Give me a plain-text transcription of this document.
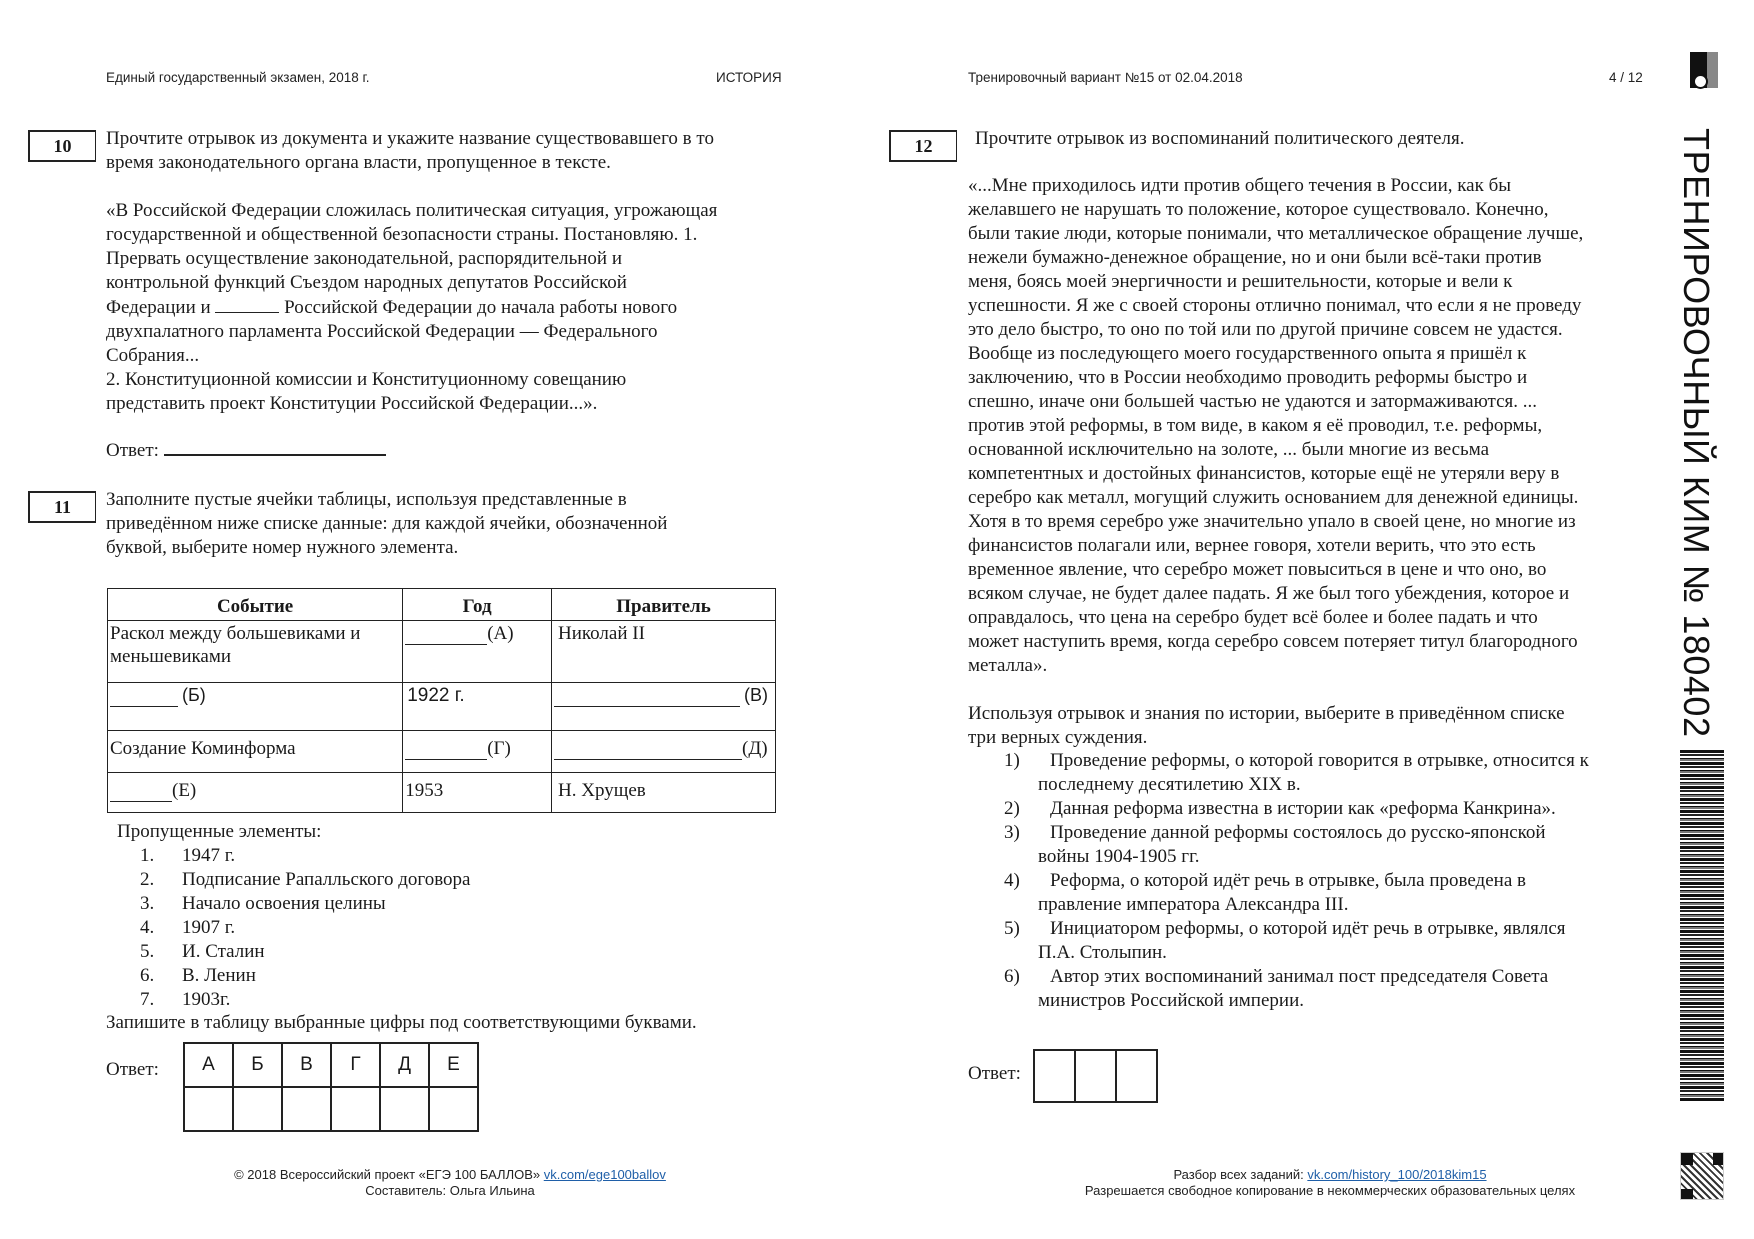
Единый государственный экзамен, 2018 г.	ИСТОРИЯ	Тренировочный вариант №15 от 02.04.2018	4 / 12
ТРЕНИРОВОЧНЫЙ КИМ № 180402
10	Прочтите отрывок из документа и укажите название существовавшего в то
время законодательного органа власти, пропущенное в тексте.
«В Российской Федерации сложилась политическая ситуация, угрожающая
государственной и общественной безопасности страны. Постановляю. 1.
Прервать осуществление законодательной, распорядительной и
контрольной функций Съездом народных депутатов Российской
Федерации и	Российской Федерации до начала работы нового
двухпалатного парламента Российской Федерации — Федерального
Собрания...
2. Конституционной комиссии и Конституционному совещанию
представить проект Конституции Российской Федерации...».
Ответ:
11	Заполните пустые ячейки таблицы, используя представленные в
приведённом ниже списке данные: для каждой ячейки, обозначенной
буквой, выберите номер нужного элемента.
Событие	Год	Правитель
Раскол между большевиками и меньшевиками	(А)	Николай II

(Б)	1922 г.	(В)

Создание Коминформа	(Г)	(Д)

(Е)	1953	Н. Хрущев
Пропущенные элементы:
1. 1947 г.
2. Подписание Рапалльского договора
3. Начало освоения целины
4. 1907 г.
5. И. Сталин
6. В. Ленин
7. 1903г.
Запишите в таблицу выбранные цифры под соответствующими буквами.
Ответ: А	Б	В	Г	Д	Е

12	Прочтите отрывок из воспоминаний политического деятеля.
«...Мне приходилось идти против общего течения в России, как бы
желавшего не нарушать то положение, которое существовало. Конечно,
были такие люди, которые понимали, что металлическое обращение лучше,
нежели бумажно-денежное обращение, но и они были всё-таки против
меня, боясь моей энергичности и решительности, которые и вели к
успешности. Я же с своей стороны отлично понимал, что если я не проведу
это дело быстро, то оно по той или по другой причине совсем не удастся.
Вообще из последующего моего государственного опыта я пришёл к
заключению, что в России необходимо проводить реформы быстро и
спешно, иначе они большей частью не удаются и затормаживаются. ...
против этой реформы, в том виде, в каком я её проводил, т.е. реформы,
основанной исключительно на золоте, ... были многие из весьма
компетентных и достойных финансистов, которые ещё не утеряли веру в
серебро как металл, могущий служить основанием для денежной единицы.
Хотя в то время серебро уже значительно упало в своей цене, но многие из
финансистов полагали или, вернее говоря, хотели верить, что это есть
временное явление, что серебро может повыситься в цене и что оно, во
всяком случае, не будет далее падать. Я же был того убеждения, которое и
оправдалось, что цена на серебро будет всё более и более падать и что
может наступить время, когда серебро совсем потеряет титул благородного
металла».
Используя отрывок и знания по истории, выберите в приведённом списке
три верных суждения.
1)	Проведение реформы, о которой говорится в отрывке, относится к
последнему десятилетию XIX в.
2)	Данная реформа известна в истории как «реформа Канкрина».
3)	Проведение данной реформы состоялось до русско-японской
войны 1904-1905 гг.
4)	Реформа, о которой идёт речь в отрывке, была проведена в
правление императора Александра III.
5)	Инициатором реформы, о которой идёт речь в отрывке, являлся
П.А. Столыпин.
6)	Автор этих воспоминаний занимал пост председателя Совета
министров Российской империи.
Ответ:

© 2018 Всероссийский проект «ЕГЭ 100 БАЛЛОВ» vk.com/ege100ballov
Составитель: Ольга Ильина
Разбор всех заданий: vk.com/history_100/2018kim15
Разрешается свободное копирование в некоммерческих образовательных целях
